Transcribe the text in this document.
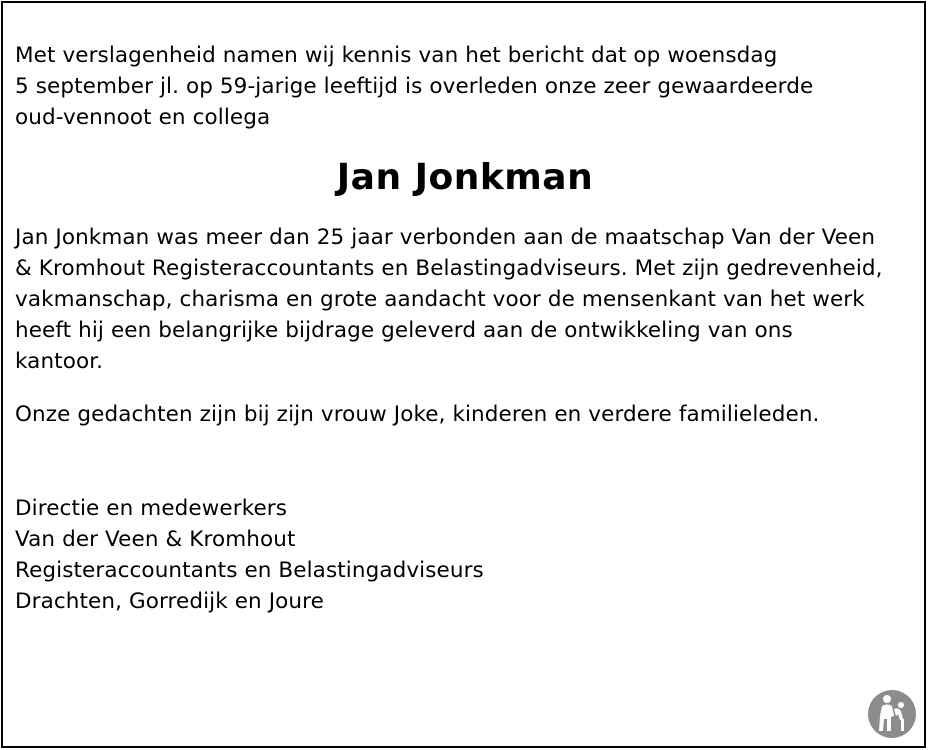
Met verslagenheid namen wij kennis van het bericht dat op woensdag
5 september jl. op 59-jarige leeftijd is overleden onze zeer gewaardeerde
oud-vennoot en collega

Jan Jonkman

Jan Jonkman was meer dan 25 jaar verbonden aan de maatschap Van der Veen
& Kromhout Registeraccountants en Belastingadviseurs. Met zijn gedrevenheid,
vakmanschap, charisma en grote aandacht voor de mensenkant van het werk
heeft hij een belangrijke bijdrage geleverd aan de ontwikkeling van ons
kantoor.

Onze gedachten zijn bij zijn vrouw Joke, kinderen en verdere familieleden.

Directie en medewerkers
Van der Veen & Kromhout
Registeraccountants en Belastingadviseurs
Drachten, Gorredijk en Joure
